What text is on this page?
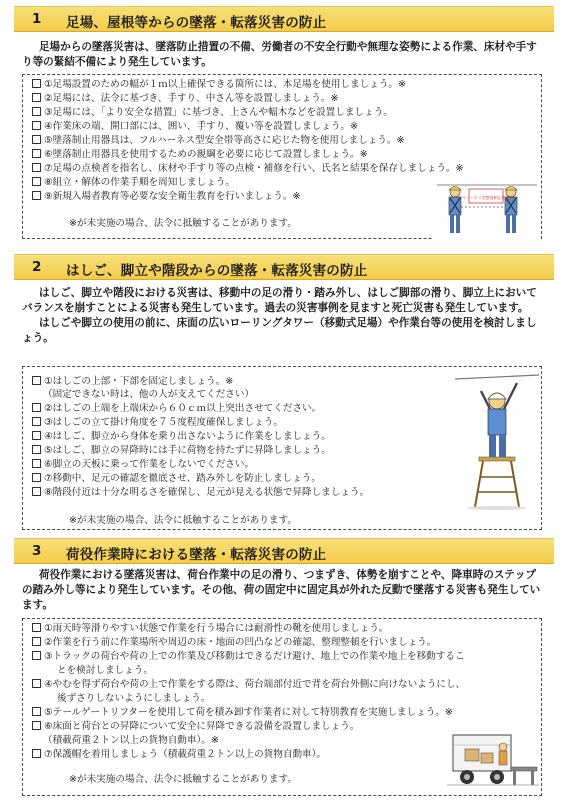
1 足場、屋根等からの墜落・転落災害の防止

足場からの墜落災害は、墜落防止措置の不備、労働者の不安全行動や無理な姿勢による作業、床材や手すり等の緊結不備により発生しています。

①足場設置のための幅が１ｍ以上確保できる箇所には、本足場を使用しましょう。※
②足場には、法令に基づき、手すり、中さん等を設置しましょう。※
③足場には、「より安全な措置」に基づき、上さんや幅木などを設置しましょう。
④作業床の端、開口部には、囲い、手すり、覆い等を設置しましょう。※
⑤墜落制止用器具は、フルハーネス型安全帯等高さに応じた物を使用しましょう。※
⑥墜落制止用器具を使用するための親綱を必要に応じて設置しましょう。※
⑦足場の点検者を指名し、床材や手すり等の点検・補修を行い、氏名と結果を保存しましょう。※
⑧組立・解体の作業手順を周知しましょう。
⑨新規入場者教育等必要な安全衛生教育を行いましょう。※
※が未実施の場合、法令に抵触することがあります。
フルハーネス型墜落制止用器具
2 はしご、脚立や階段からの墜落・転落災害の防止

はしご、脚立や階段における災害は、移動中の足の滑り・踏み外し、はしご脚部の滑り、脚立上においてバランスを崩すことによる災害も発生しています。過去の災害事例を見ますと死亡災害も発生しています。

はしごや脚立の使用の前に、床面の広いローリングタワー（移動式足場）や作業台等の使用を検討しましょう。

①はしごの上部・下部を固定しましょう。※
（固定できない時は、他の人が支えてください）
②はしごの上端を上端床から６０ｃｍ以上突出させてください。
③はしごの立て掛け角度を７５度程度確保しましょう。
④はしご、脚立から身体を乗り出さないように作業をしましょう。
⑤はしご、脚立の昇降時には手に荷物を持たずに昇降しましょう。
⑥脚立の天板に乗って作業をしないでください。
⑦移動中、足元の確認を徹底させ、踏み外しを防止しましょう。
⑧階段付近は十分な明るさを確保し、足元が見える状態で昇降しましょう。
※が未実施の場合、法令に抵触することがあります。
3 荷役作業時における墜落・転落災害の防止

荷役作業における墜落災害は、荷台作業中の足の滑り、つまずき、体勢を崩すことや、降車時のステップの踏み外し等により発生しています。その他、荷の固定中に固定具が外れた反動で墜落する災害も発生しています。

①雨天時等滑りやすい状態で作業を行う場合には耐滑性の靴を使用しましょう。
②作業を行う前に作業場所や周辺の床・地面の凹凸などの確認、整理整頓を行いましょう。
③トラックの荷台や荷の上での作業及び移動はできるだけ避け、地上での作業や地上を移動するこ
とを検討しましょう。
④やむを得ず荷台や荷の上で作業をする際は、荷台端部付近で背を荷台外側に向けないようにし、
後ずさりしないようにしましょう。
⑤テールゲートリフターを使用して荷を積み卸す作業者に対して特別教育を実施しましょう。※
⑥床面と荷台との昇降について安全に昇降できる設備を設置しましょう。
（積載荷重２トン以上の貨物自動車）。※
⑦保護帽を着用しましょう（積載荷重２トン以上の貨物自動車）。
※が未実施の場合、法令に抵触することがあります。
